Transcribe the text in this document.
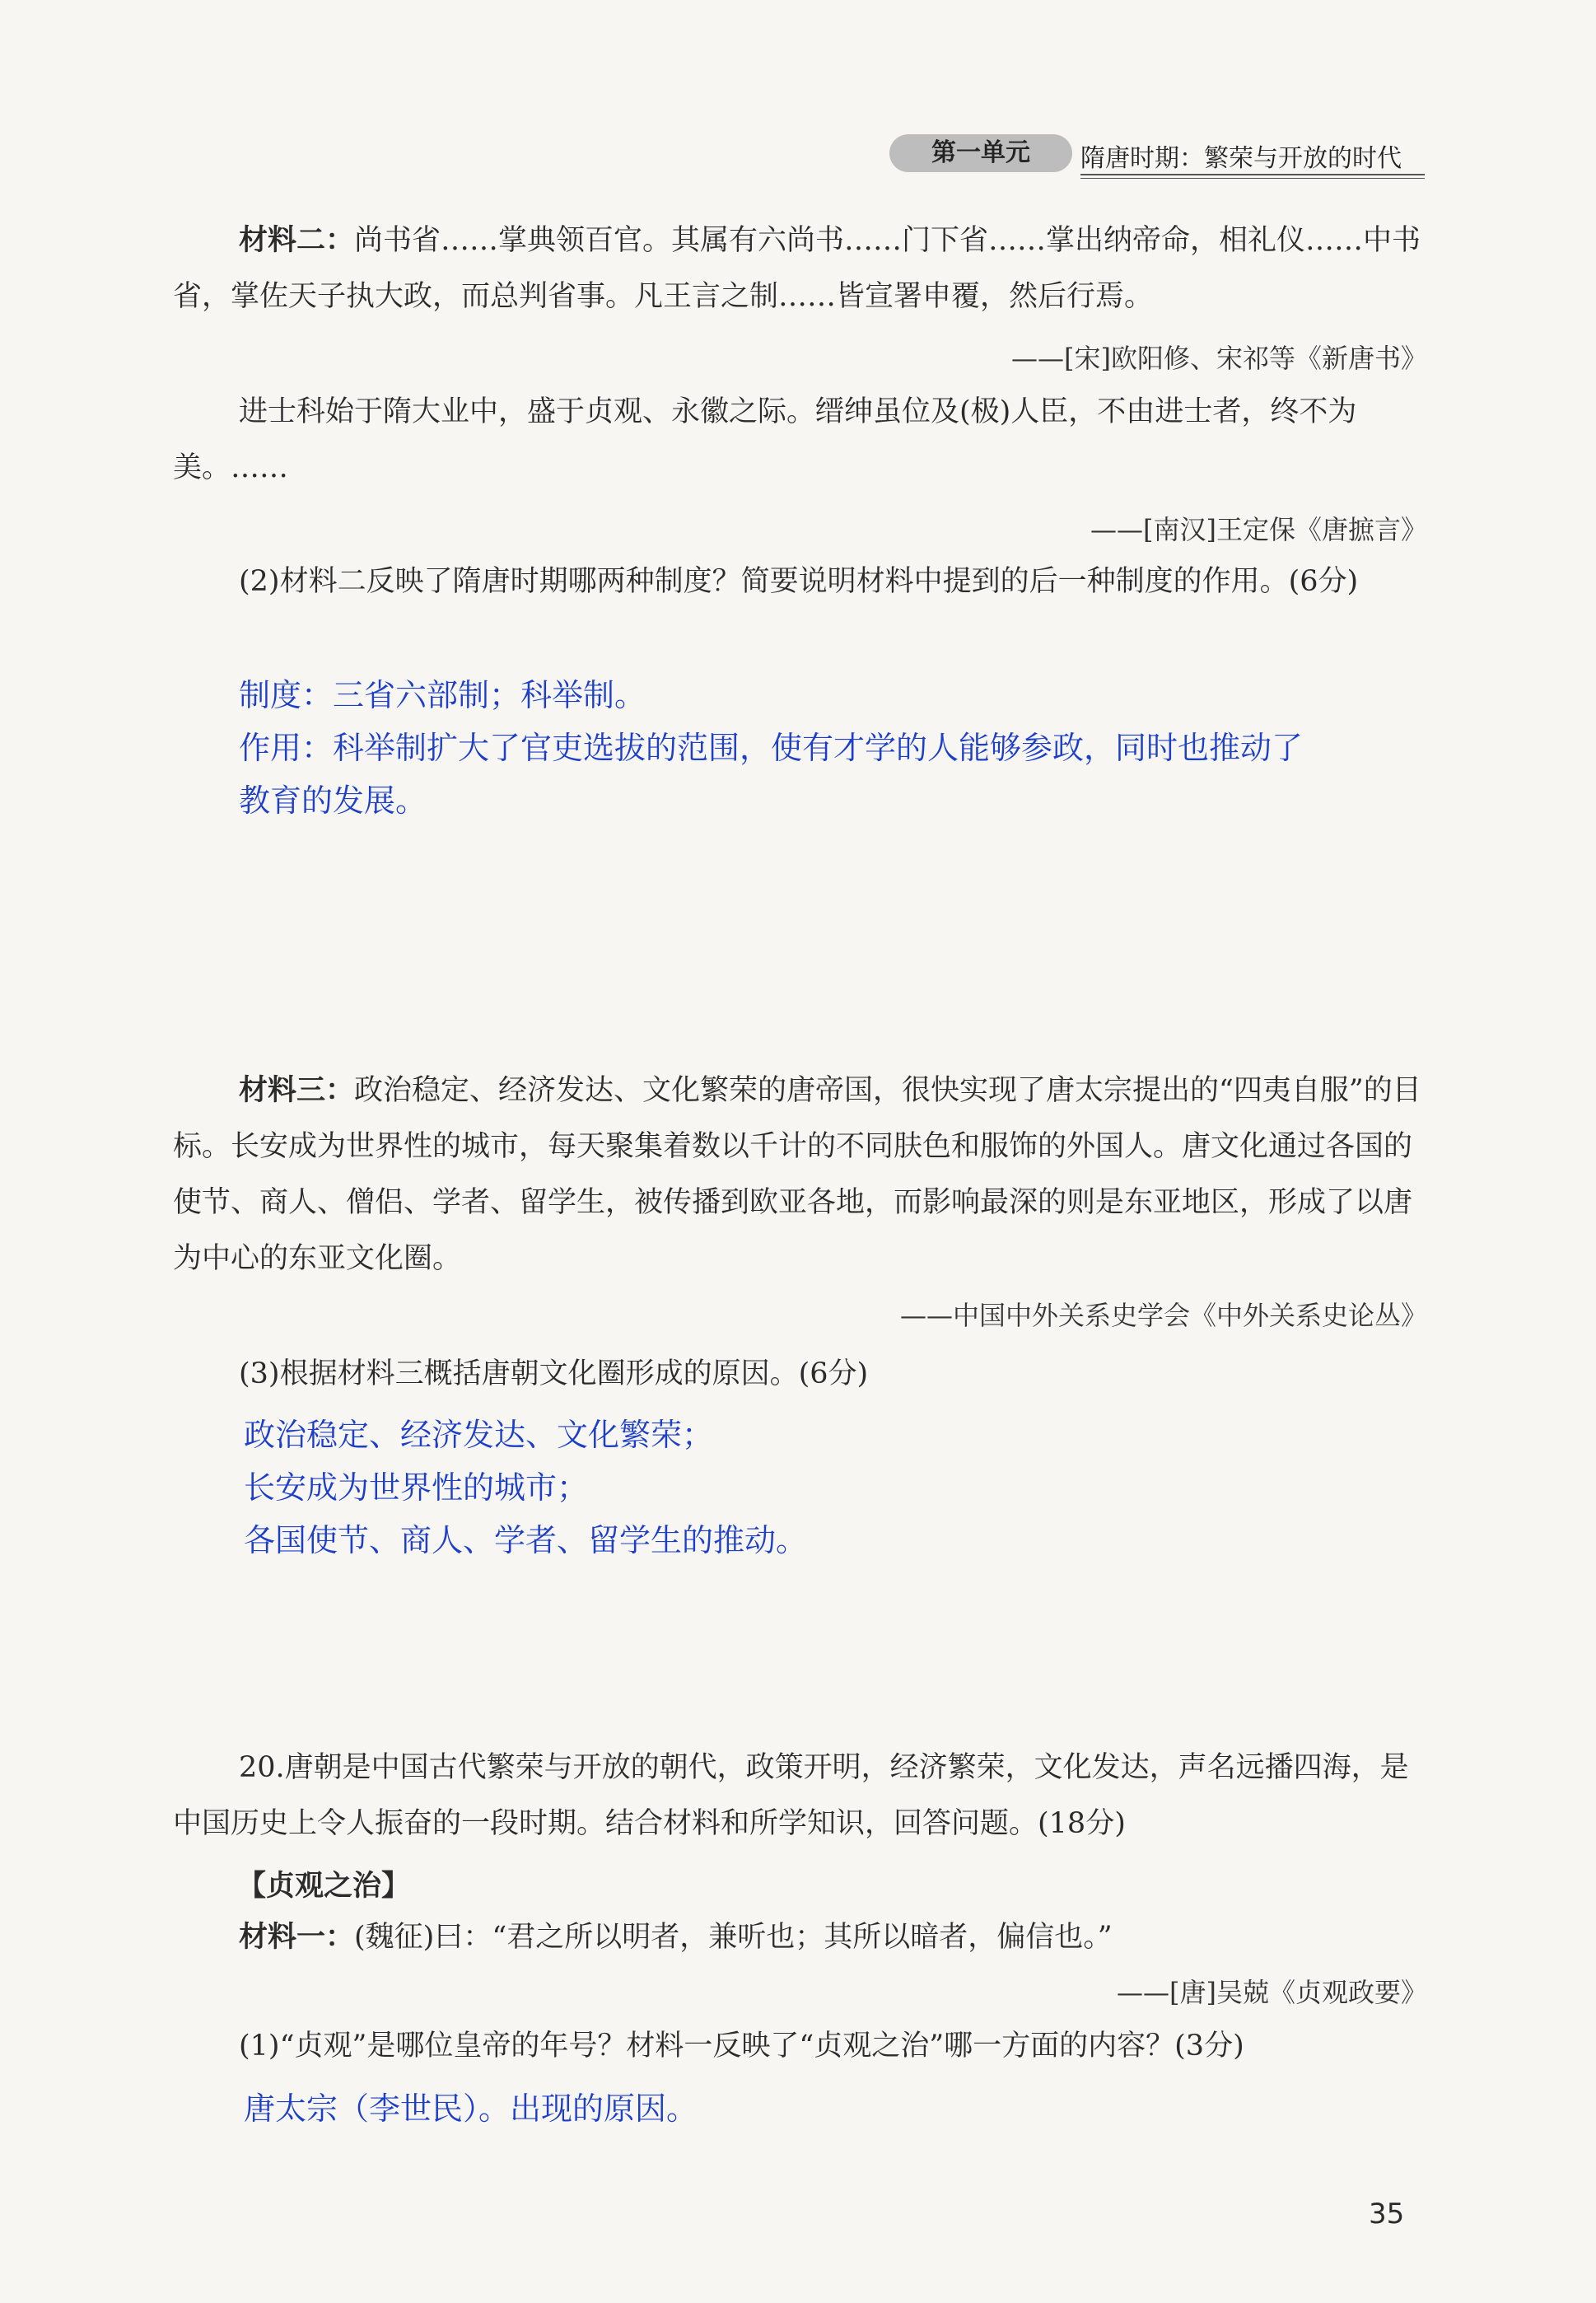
第一单元	隋唐时期：繁荣与开放的时代
材料二：尚书省……掌典领百官。其属有六尚书……门下省……掌出纳帝命，相礼仪……中书省，掌佐天子执大政，而总判省事。凡王言之制……皆宣署申覆，然后行焉。
——[宋]欧阳修、宋祁等《新唐书》
进士科始于隋大业中，盛于贞观、永徽之际。缙绅虽位及(极)人臣，不由进士者，终不为美。……
——[南汉]王定保《唐摭言》
(2)材料二反映了隋唐时期哪两种制度？简要说明材料中提到的后一种制度的作用。(6分)
制度：三省六部制；科举制。
作用：科举制扩大了官吏选拔的范围，使有才学的人能够参政，同时也推动了
教育的发展。
材料三：政治稳定、经济发达、文化繁荣的唐帝国，很快实现了唐太宗提出的“四夷自服”的目标。长安成为世界性的城市，每天聚集着数以千计的不同肤色和服饰的外国人。唐文化通过各国的使节、商人、僧侣、学者、留学生，被传播到欧亚各地，而影响最深的则是东亚地区，形成了以唐为中心的东亚文化圈。
——中国中外关系史学会《中外关系史论丛》
(3)根据材料三概括唐朝文化圈形成的原因。(6分)
政治稳定、经济发达、文化繁荣；
长安成为世界性的城市；
各国使节、商人、学者、留学生的推动。
20.唐朝是中国古代繁荣与开放的朝代，政策开明，经济繁荣，文化发达，声名远播四海，是中国历史上令人振奋的一段时期。结合材料和所学知识，回答问题。(18分)
【贞观之治】
材料一：(魏征)曰：“君之所以明者，兼听也；其所以暗者，偏信也。”
——[唐]吴兢《贞观政要》
(1)“贞观”是哪位皇帝的年号？材料一反映了“贞观之治”哪一方面的内容？(3分)
唐太宗（李世民）。出现的原因。
35
